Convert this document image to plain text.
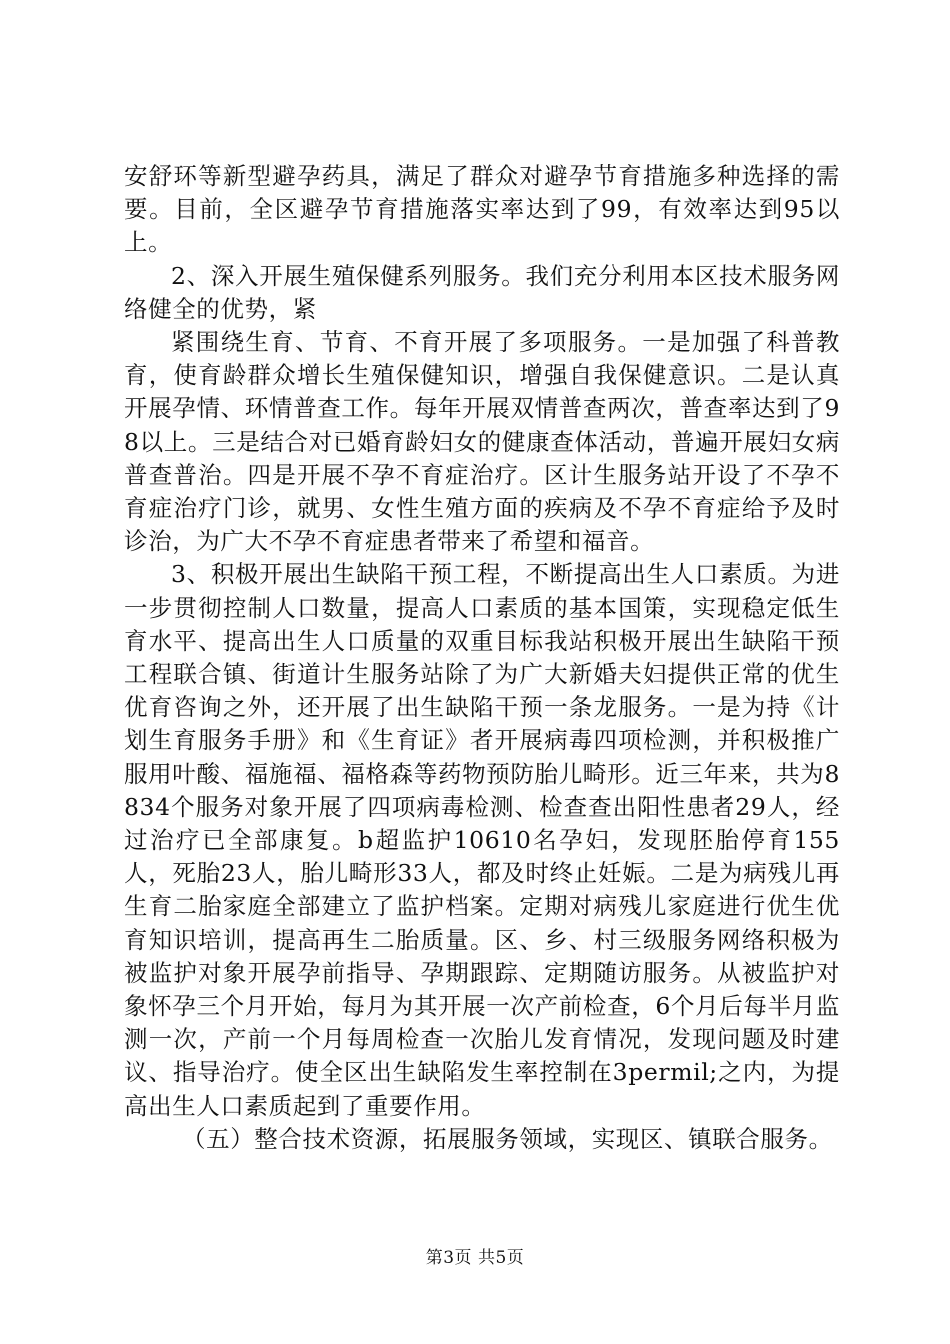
安舒环等新型避孕药具，满足了群众对避孕节育措施多种选择的需要。目前，全区避孕节育措施落实率达到了99，有效率达到95以上。

2、深入开展生殖保健系列服务。我们充分利用本区技术服务网络健全的优势，紧

紧围绕生育、节育、不育开展了多项服务。一是加强了科普教育，使育龄群众增长生殖保健知识，增强自我保健意识。二是认真开展孕情、环情普查工作。每年开展双情普查两次，普查率达到了98以上。三是结合对已婚育龄妇女的健康查体活动，普遍开展妇女病普查普治。四是开展不孕不育症治疗。区计生服务站开设了不孕不育症治疗门诊，就男、女性生殖方面的疾病及不孕不育症给予及时诊治，为广大不孕不育症患者带来了希望和福音。

3、积极开展出生缺陷干预工程，不断提高出生人口素质。为进一步贯彻控制人口数量，提高人口素质的基本国策，实现稳定低生育水平、提高出生人口质量的双重目标我站积极开展出生缺陷干预工程联合镇、街道计生服务站除了为广大新婚夫妇提供正常的优生优育咨询之外，还开展了出生缺陷干预一条龙服务。一是为持《计划生育服务手册》和《生育证》者开展病毒四项检测，并积极推广服用叶酸、福施福、福格森等药物预防胎儿畸形。近三年来，共为8834个服务对象开展了四项病毒检测、检查查出阳性患者29人，经过治疗已全部康复。b超监护10610名孕妇，发现胚胎停育155人，死胎23人，胎儿畸形33人，都及时终止妊娠。二是为病残儿再生育二胎家庭全部建立了监护档案。定期对病残儿家庭进行优生优育知识培训，提高再生二胎质量。区、乡、村三级服务网络积极为被监护对象开展孕前指导、孕期跟踪、定期随访服务。从被监护对象怀孕三个月开始，每月为其开展一次产前检查，6个月后每半月监测一次，产前一个月每周检查一次胎儿发育情况，发现问题及时建议、指导治疗。使全区出生缺陷发生率控制在3permil;之内，为提高出生人口素质起到了重要作用。

（五）整合技术资源，拓展服务领域，实现区、镇联合服务。

第3页 共5页
